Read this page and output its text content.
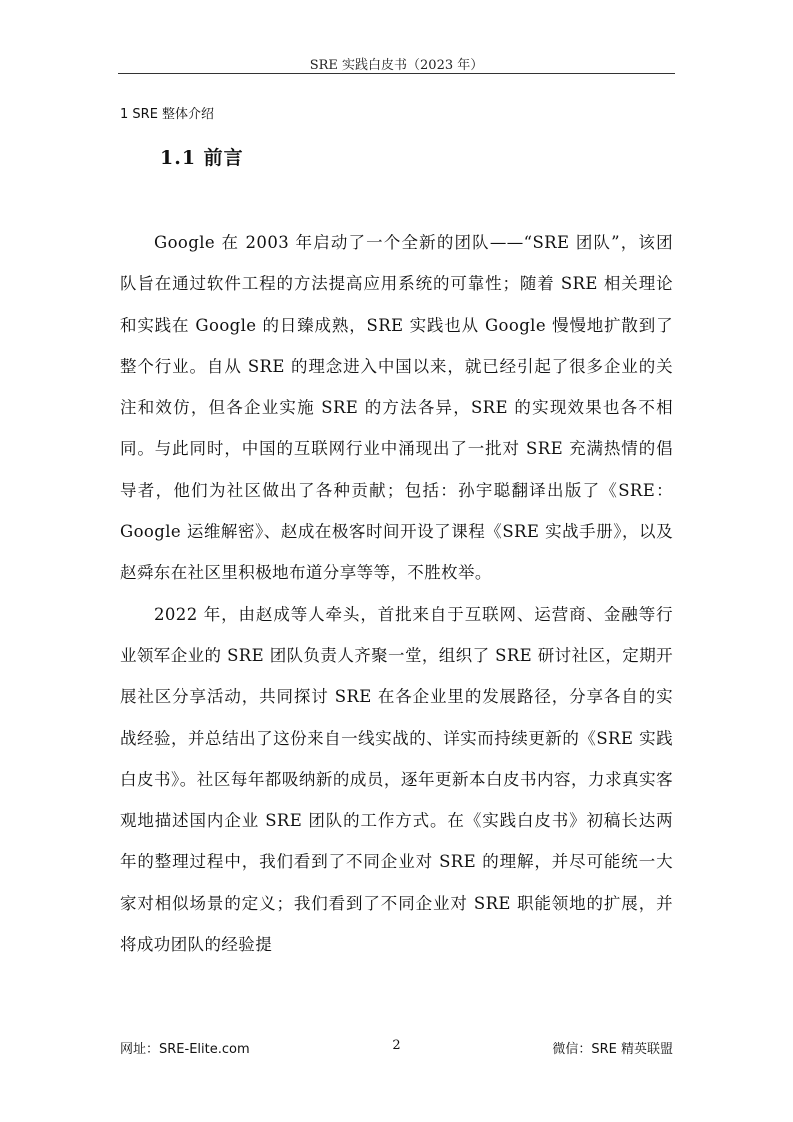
SRE 实践白皮书（2023 年）
1 SRE 整体介绍
1.1 前言

Google 在 2003 年启动了一个全新的团队——“SRE 团队”，该团队旨在通过软件工程的方法提高应用系统的可靠性；随着 SRE 相关理论和实践在 Google 的日臻成熟，SRE 实践也从 Google 慢慢地扩散到了整个行业。自从 SRE 的理念进入中国以来，就已经引起了很多企业的关注和效仿，但各企业实施 SRE 的方法各异，SRE 的实现效果也各不相同。与此同时，中国的互联网行业中涌现出了一批对 SRE 充满热情的倡导者，他们为社区做出了各种贡献；包括：孙宇聪翻译出版了《SRE：Google 运维解密》、赵成在极客时间开设了课程《SRE 实战手册》，以及赵舜东在社区里积极地布道分享等等，不胜枚举。

2022 年，由赵成等人牵头，首批来自于互联网、运营商、金融等行业领军企业的 SRE 团队负责人齐聚一堂，组织了 SRE 研讨社区，定期开展社区分享活动，共同探讨 SRE 在各企业里的发展路径，分享各自的实战经验，并总结出了这份来自一线实战的、详实而持续更新的《SRE 实践白皮书》。社区每年都吸纳新的成员，逐年更新本白皮书内容，力求真实客观地描述国内企业 SRE 团队的工作方式。在《实践白皮书》初稿长达两年的整理过程中，我们看到了不同企业对 SRE 的理解，并尽可能统一大家对相似场景的定义；我们看到了不同企业对 SRE 职能领地的扩展，并将成功团队的经验提

网址：SRE-Elite.com	2	微信：SRE 精英联盟
